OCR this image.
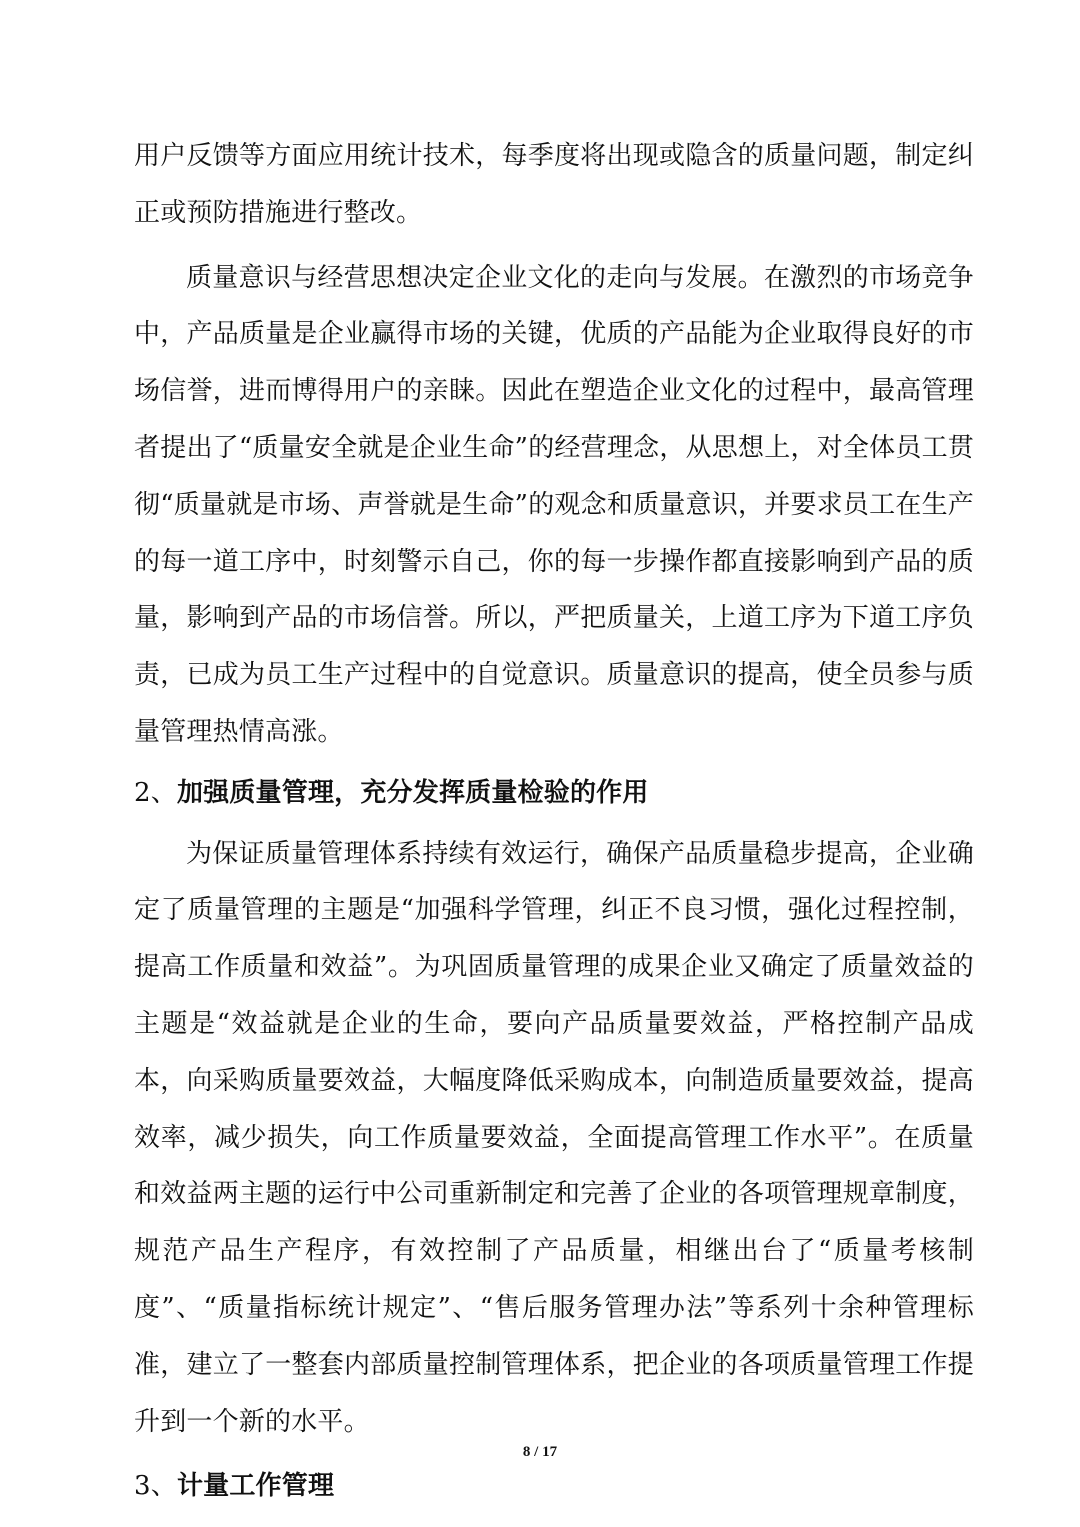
用户反馈等方面应用统计技术，每季度将出现或隐含的质量问题，制定纠正或预防措施进行整改。

质量意识与经营思想决定企业文化的走向与发展。在激烈的市场竞争中，产品质量是企业赢得市场的关键，优质的产品能为企业取得良好的市场信誉，进而博得用户的亲睐。因此在塑造企业文化的过程中，最高管理者提出了“质量安全就是企业生命”的经营理念，从思想上，对全体员工贯彻“质量就是市场、声誉就是生命”的观念和质量意识，并要求员工在生产的每一道工序中，时刻警示自己，你的每一步操作都直接影响到产品的质量，影响到产品的市场信誉。所以，严把质量关，上道工序为下道工序负责，已成为员工生产过程中的自觉意识。质量意识的提高，使全员参与质量管理热情高涨。

2、加强质量管理，充分发挥质量检验的作用

为保证质量管理体系持续有效运行，确保产品质量稳步提高，企业确定了质量管理的主题是“加强科学管理，纠正不良习惯，强化过程控制，提高工作质量和效益”。为巩固质量管理的成果企业又确定了质量效益的主题是“效益就是企业的生命，要向产品质量要效益，严格控制产品成本，向采购质量要效益，大幅度降低采购成本，向制造质量要效益，提高效率，减少损失，向工作质量要效益，全面提高管理工作水平”。在质量和效益两主题的运行中公司重新制定和完善了企业的各项管理规章制度，规范产品生产程序，有效控制了产品质量，相继出台了“质量考核制度”、“质量指标统计规定”、“售后服务管理办法”等系列十余种管理标准，建立了一整套内部质量控制管理体系，把企业的各项质量管理工作提升到一个新的水平。

3、计量工作管理
8 / 17
